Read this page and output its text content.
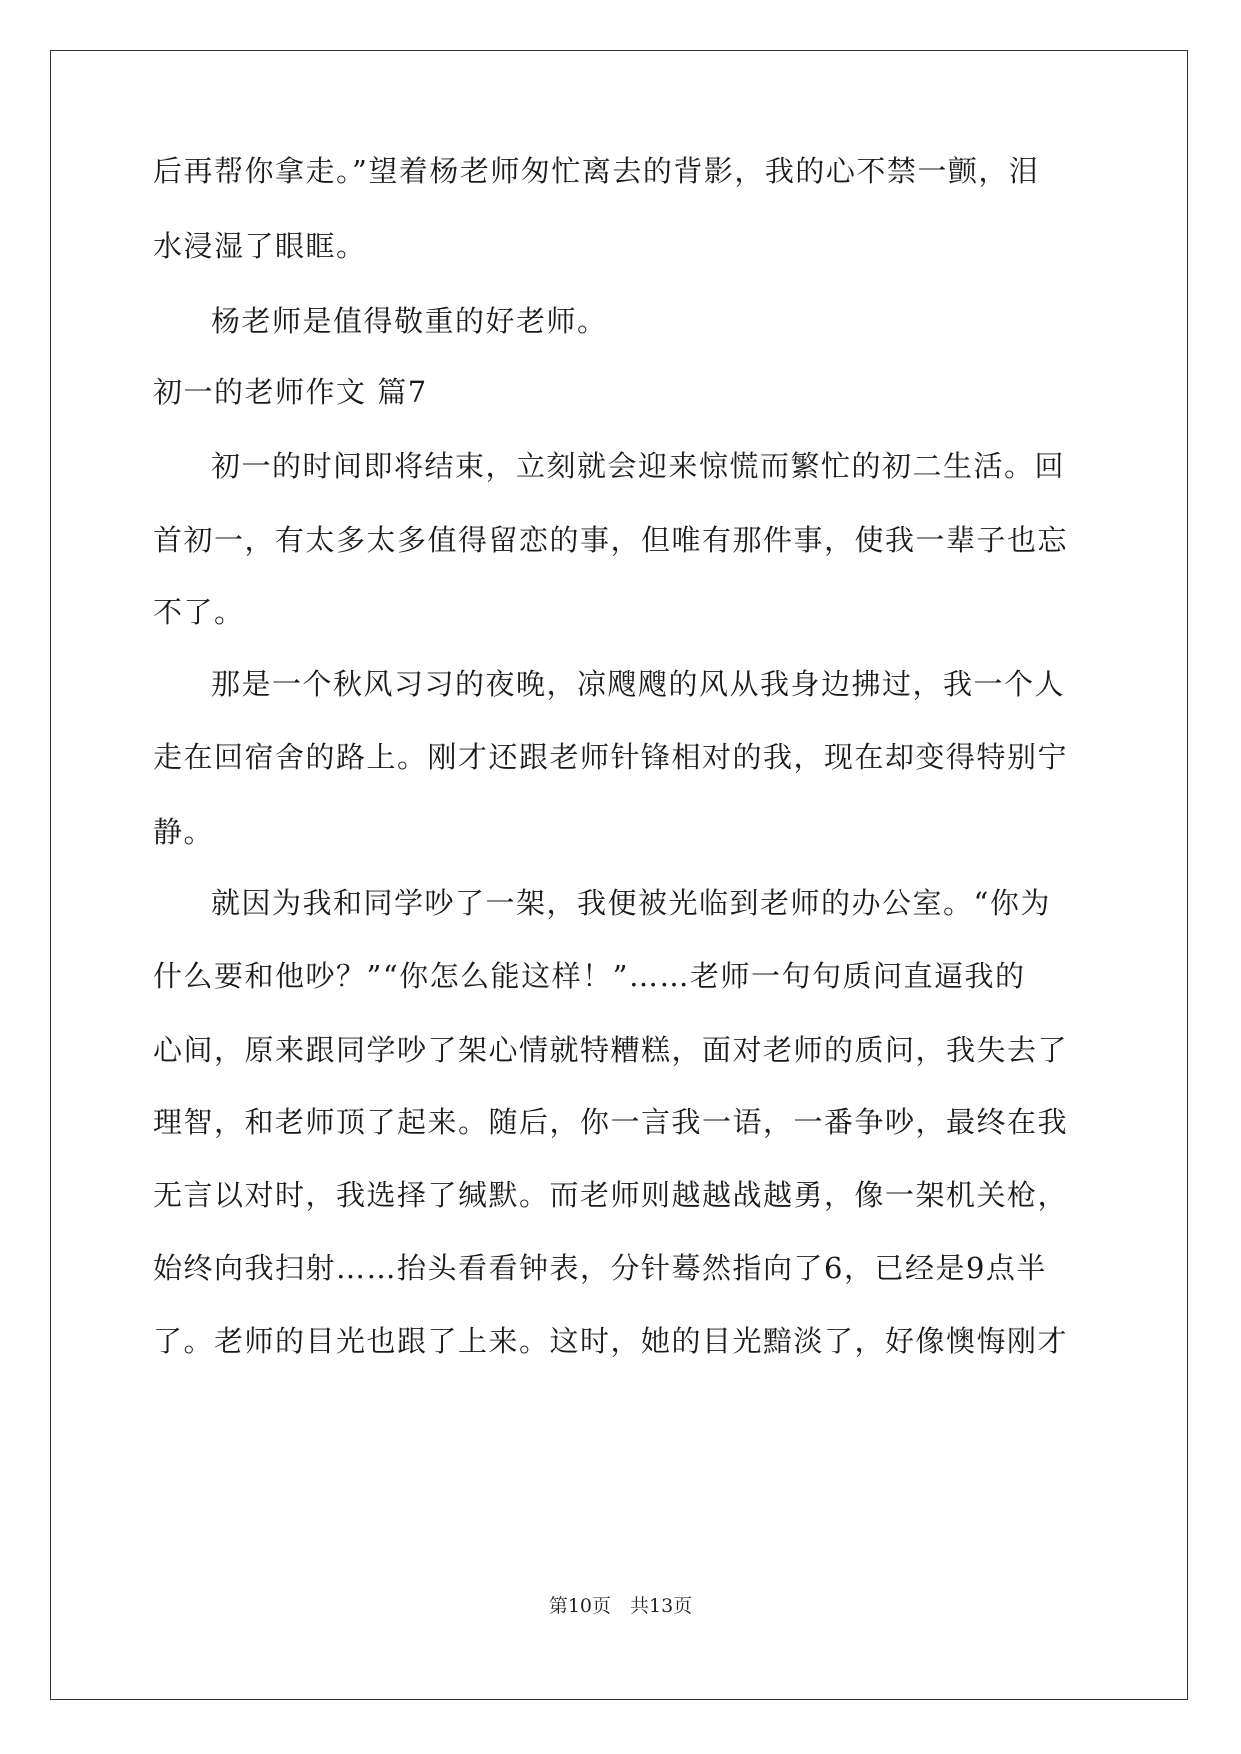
后再帮你拿走。”望着杨老师匆忙离去的背影，我的心不禁一颤，泪
水浸湿了眼眶。
杨老师是值得敬重的好老师。
初一的老师作文 篇7
初一的时间即将结束，立刻就会迎来惊慌而繁忙的初二生活。回
首初一，有太多太多值得留恋的事，但唯有那件事，使我一辈子也忘
不了。
那是一个秋风习习的夜晚，凉飕飕的风从我身边拂过，我一个人
走在回宿舍的路上。刚才还跟老师针锋相对的我，现在却变得特别宁
静。
就因为我和同学吵了一架，我便被光临到老师的办公室。“你为
什么要和他吵？”“你怎么能这样！”……老师一句句质问直逼我的
心间，原来跟同学吵了架心情就特糟糕，面对老师的质问，我失去了
理智，和老师顶了起来。随后，你一言我一语，一番争吵，最终在我
无言以对时，我选择了缄默。而老师则越越战越勇，像一架机关枪，
始终向我扫射……抬头看看钟表，分针蓦然指向了6，已经是9点半
了。老师的目光也跟了上来。这时，她的目光黯淡了，好像懊悔刚才
第10页　共13页
